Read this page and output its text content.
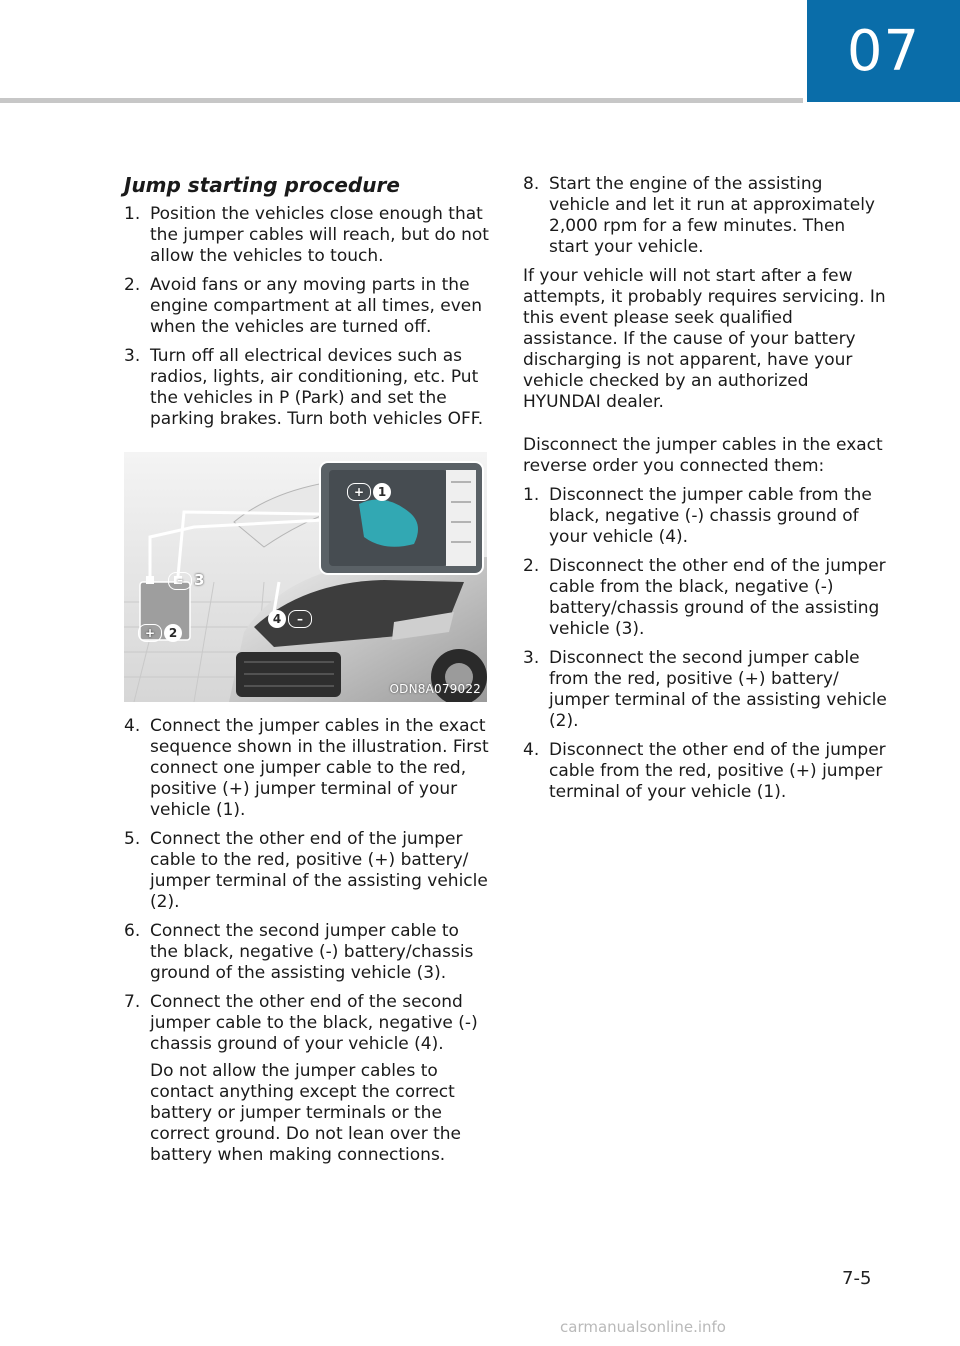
07
Jump starting procedure
1. Position the vehicles close enough that the jumper cables will reach, but do not allow the vehicles to touch.
2. Avoid fans or any moving parts in the engine compartment at all times, even when the vehicles are turned off.
3. Turn off all electrical devices such as radios, lights, air conditioning, etc. Put the vehicles in P (Park) and set the parking brakes. Turn both vehicles OFF.
+	1
– 3
+	2
4	–
ODN8A079022
4. Connect the jumper cables in the exact sequence shown in the illustration. First connect one jumper cable to the red, positive (+) jumper terminal of your vehicle (1).
5. Connect the other end of the jumper cable to the red, positive (+) battery/ jumper terminal of the assisting vehicle (2).
6. Connect the second jumper cable to the black, negative (-) battery/chassis ground of the assisting vehicle (3).
7. Connect the other end of the second jumper cable to the black, negative (-) chassis ground of your vehicle (4).
Do not allow the jumper cables to contact anything except the correct battery or jumper terminals or the correct ground. Do not lean over the battery when making connections.
8. Start the engine of the assisting vehicle and let it run at approximately 2,000 rpm for a few minutes. Then start your vehicle.

If your vehicle will not start after a few attempts, it probably requires servicing. In this event please seek qualified assistance. If the cause of your battery discharging is not apparent, have your vehicle checked by an authorized HYUNDAI dealer.

Disconnect the jumper cables in the exact reverse order you connected them:

1. Disconnect the jumper cable from the black, negative (-) chassis ground of your vehicle (4).
2. Disconnect the other end of the jumper cable from the black, negative (-) battery/chassis ground of the assisting vehicle (3).
3. Disconnect the second jumper cable from the red, positive (+) battery/ jumper terminal of the assisting vehicle (2).
4. Disconnect the other end of the jumper cable from the red, positive (+) jumper terminal of your vehicle (1).
7-5
carmanualsonline.info
